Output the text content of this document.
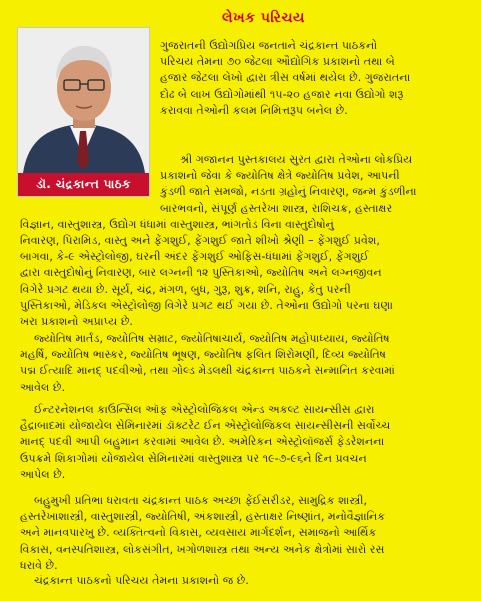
લેખક પરિચય
ડૉ. ચંદ્રકાન્ત પાઠક
ગુજરાતની ઉદ્યોગપ્રિય જનતાને ચંદ્રકાન્ત પાઠકનો
પરિચય તેમના ૭૦ જેટલા ઔદ્યોગિક પ્રકાશનો તથા બે
હજાર જેટલા લેખો દ્વારા ત્રીસ વર્ષમાં થયેલ છે. ગુજરાતના
દોઢ બે લાખ ઉદ્યોગોમાંથી ૧૫-૨૦ હજાર નવા ઉદ્યોગો શરૂ
કરાવવા તેઓની કલમ નિમિત્તરૂપ બનેલ છે.
શ્રી ગજાનન પુસ્તકાલય સુરત દ્વારા તેઓના લોકપ્રિય
પ્રકાશનો જેવા કે જ્યોતિષ ક્ષેત્રે જ્યોતિષ પ્રવેશ, આપની
કુંડળી જાતે સમજો, નડતા ગ્રહોનું નિવારણ, જન્મ કુંડળીના
બારભવનો, સંપૂર્ણ હસ્તરેખા શાસ્ત્ર, રાશિચક્ર, હસ્તાક્ષર
વિજ્ઞાન, વાસ્તુશાસ્ત્ર, ઉદ્યોગ ધંધામાં વાસ્તુશાસ્ત્ર, ભાંગતોડ વિના વાસ્તુદોષોનું
નિવારણ, પિરામિડ, વાસ્તુ અને ફેંગશુઈ, ફેંગશુઈ જાતે શીખો શ્રેણી – ફેંગશુઈ પ્રવેશ,
બાગવા, કે-૯ એસ્ટ્રોલોજી, ઘરની અંદર ફેંગશુઈ ઓફિસ-ધંધામાં ફેંગશુઈ, ફેંગશુઈ
દ્વારા વાસ્તુદોષોનું નિવારણ, બાર લગ્નની ૧૨ પુસ્તિકાઓ, જ્યોતિષ અને લગ્નજીવન
વિગેરે પ્રગટ થયા છે. સૂર્ય, ચંદ્ર, મંગળ, બુધ, ગુરૂ, શુક્ર, શનિ, રાહુ, કેતુ પરની
પુસ્તિકાઓ, મેડિકલ એસ્ટ્રોલોજી વિગેરે પ્રગટ થઈ ગયા છે. તેઓના ઉદ્યોગો પરના ઘણા
ખરા પ્રકાશનો અપ્રાપ્ય છે.
જ્યોતિષ માર્તંડ, જ્યોતિષ સમ્રાટ, જ્યોતિષાચાર્ય, જ્યોતિષ મહોપાધ્યાય, જ્યોતિષ
મહર્ષિ, જ્યોતિષ ભાસ્કર, જ્યોતિષ ભૂષણ, જ્યોતિષ ફલિત શિરોમણી, દિવ્ય જ્યોતિષ
પદ્મ ઈત્યાદિ માનદ્ પદવીઓ, તથા ગોલ્ડ મેડલથી ચંદ્રકાન્ત પાઠકને સન્માનિત કરવામાં
આવેલ છે.
ઈન્ટરનેશનલ કાઉન્સિલ ઑફ એસ્ટ્રોલોજિકલ એન્ડ અકલ્ટ સાયન્સીસ દ્વારા
હૈદ્રાબાદમાં યોજાયેલ સેમિનારમાં ડૉક્ટરેટ ઈન એસ્ટ્રોલોજિકલ સાયન્સીસની સર્વોચ્ચ
માનદ્ પદવી આપી બહુમાન કરવામાં આવેલ છે. અમેરિકન એસ્ટ્રોલૉજર્સ ફેડરેશનના
ઉપક્રમે શિકાગોમાં યોજાયેલ સેમિનારમાં વાસ્તુશાસ્ત્ર પર ૧૯-૭-૯૬ને દિન પ્રવચન
આપેલ છે.
બહુમુખી પ્રતિભા ધરાવતા ચંદ્રકાન્ત પાઠક અચ્છા ફેંઈસરીડર, સામુદ્રિક શાસ્ત્રી,
હસ્તરેખાશાસ્ત્રી, વાસ્તુશાસ્ત્રી, જ્યોતિષી, અંકશાસ્ત્રી, હસ્તાક્ષર નિષ્ણાંત, મનોવૈજ્ઞાનિક
અને માનવપારખુ છે. વ્યક્તિત્વનો વિકાસ, વ્યવસાય માર્ગદર્શન, સમાજનો આર્થિક
વિકાસ, વનસ્પતિશાસ્ત્ર, લોકસંગીત, ખગોળશાસ્ત્ર તથા અન્ય અનેક ક્ષેત્રોમાં સારો રસ
ધરાવે છે.
ચંદ્રકાન્ત પાઠકનો પરિચય તેમના પ્રકાશનો જ છે.
